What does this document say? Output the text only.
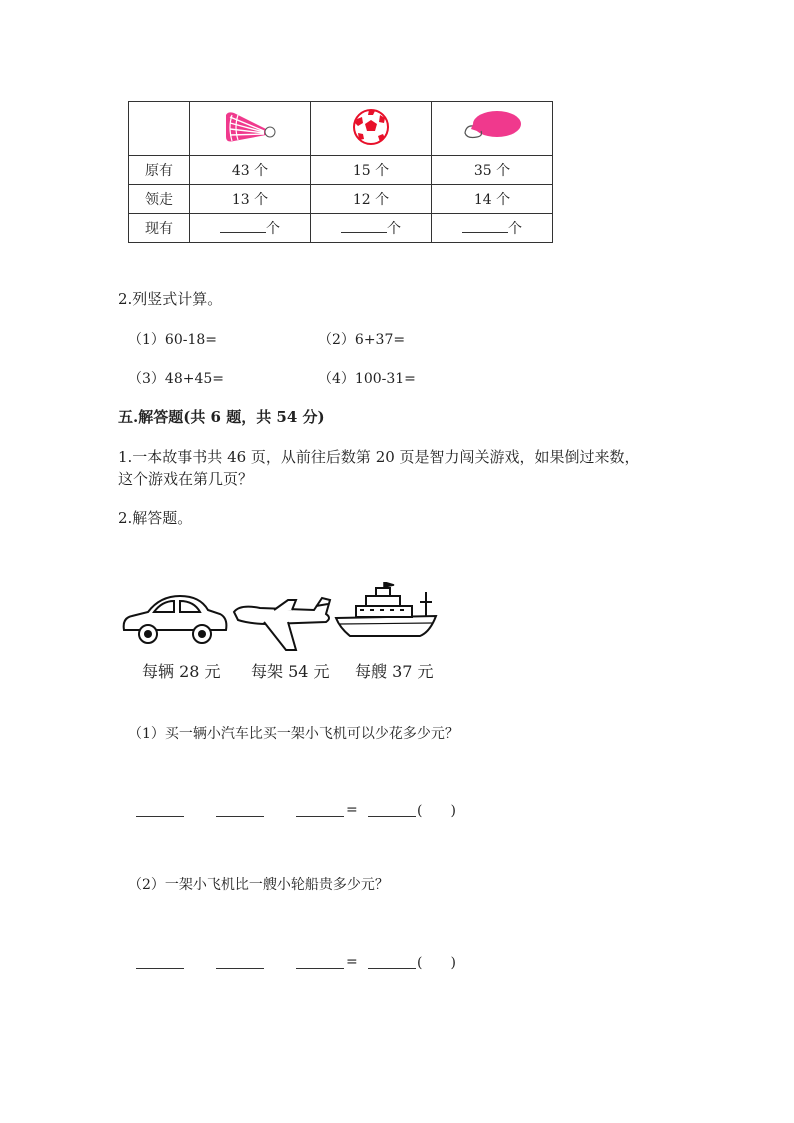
原有	43 个	15 个	35 个
领走	13 个	12 个	14 个
现有	个	个	个
2.列竖式计算。
（1）60-18=	（2）6+37=
（3）48+45=	（4）100-31=
五.解答题(共 6 题，共 54 分)
1.一本故事书共 46 页，从前往后数第 20 页是智力闯关游戏，如果倒过来数，
这个游戏在第几页？
2.解答题。
每辆 28 元 每架 54 元 每艘 37 元
（1）买一辆小汽车比买一架小飞机可以少花多少元？
=	(　　)
（2）一架小飞机比一艘小轮船贵多少元？
=	(　　)
